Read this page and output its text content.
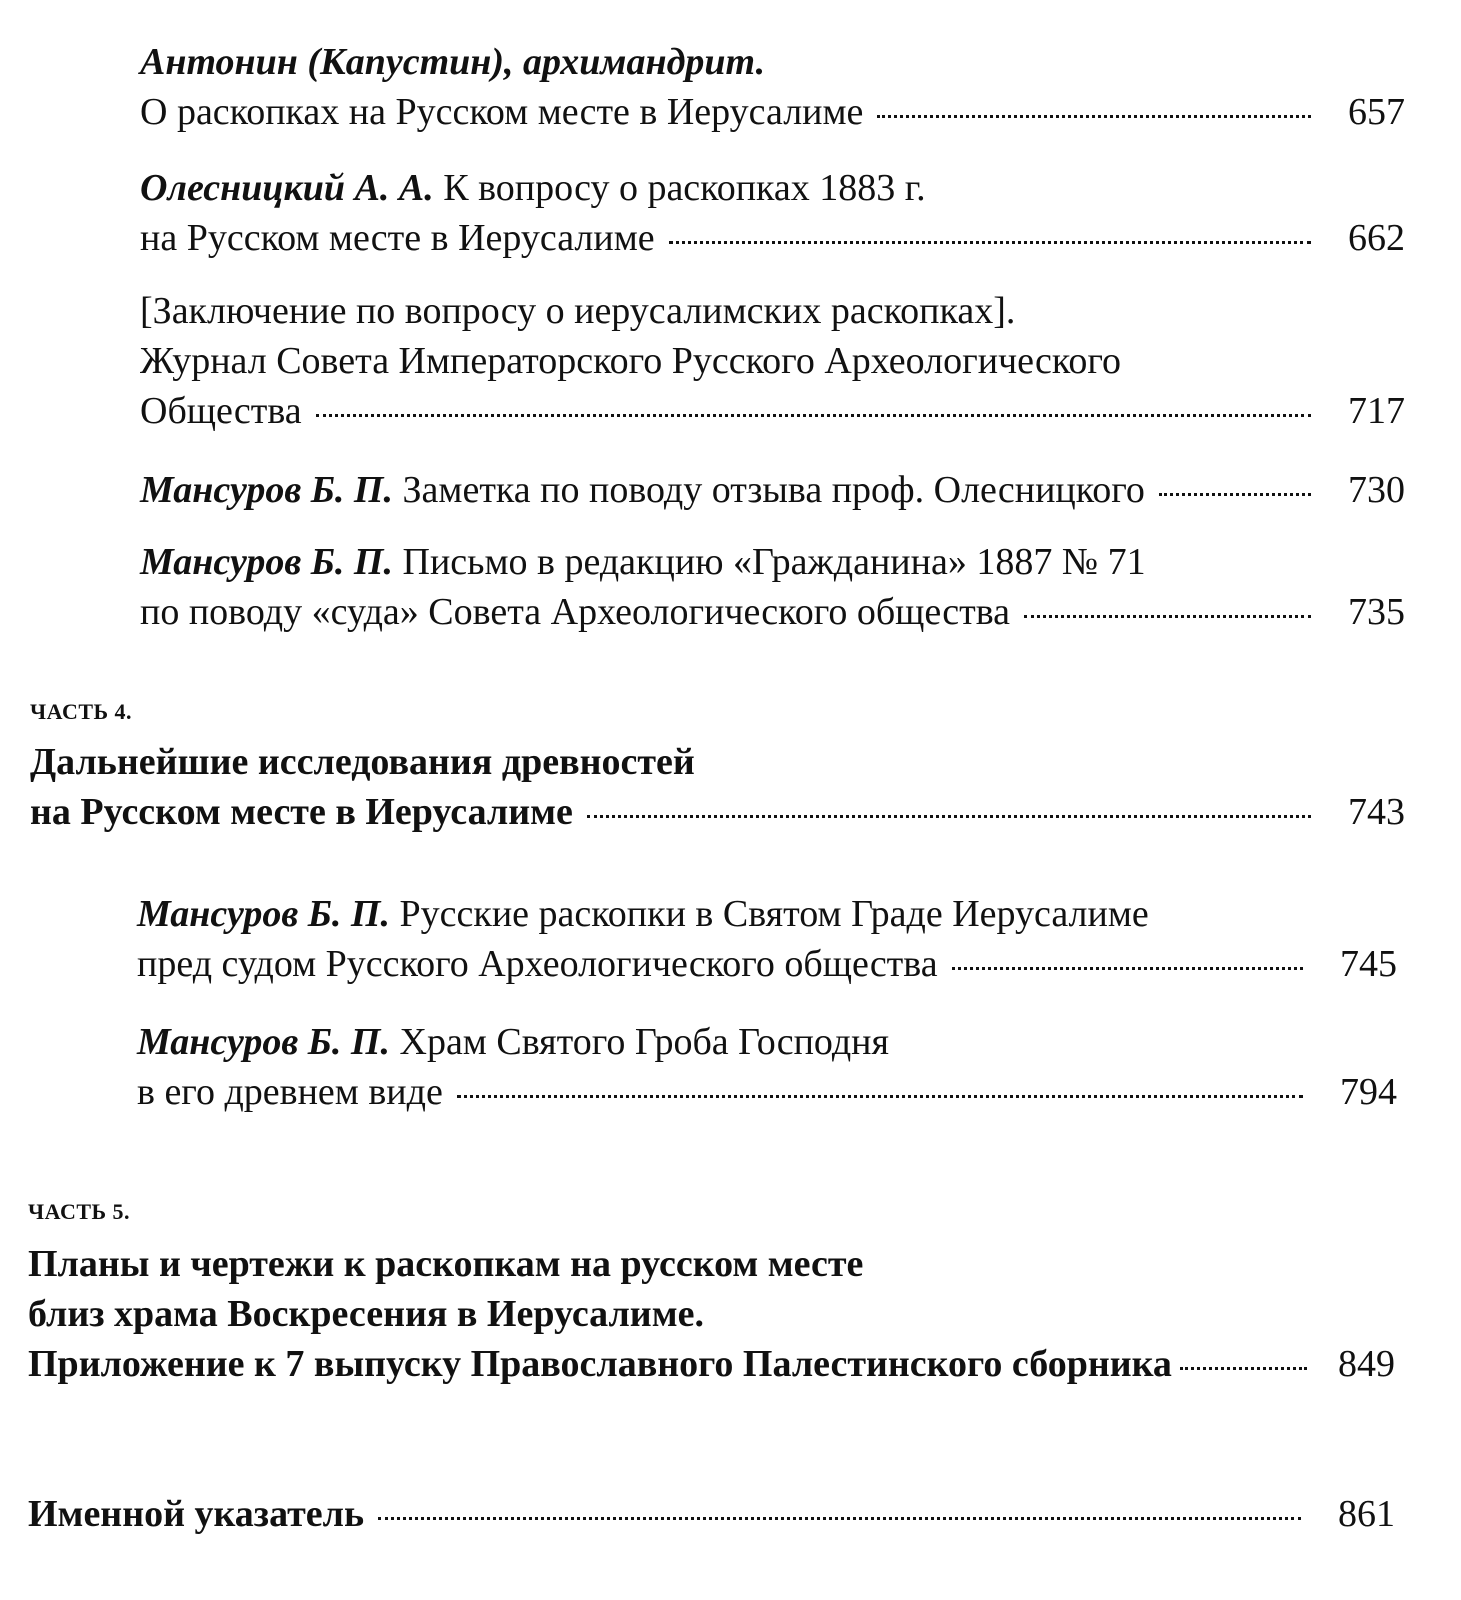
Антонин (Капустин), архимандрит.
О раскопках на Русском месте в Иерусалиме	657
Олесницкий А. А. К вопросу о раскопках 1883 г.
на Русском месте в Иерусалиме	662
[Заключение по вопросу о иерусалимских раскопках].
Журнал Совета Императорского Русского Археологического
Общества	717
Мансуров Б. П. Заметка по поводу отзыва проф. Олесницкого	730
Мансуров Б. П. Письмо в редакцию «Гражданина» 1887 № 71
по поводу «суда» Совета Археологического общества	735
ЧАСТЬ 4.
Дальнейшие исследования древностей
на Русском месте в Иерусалиме	743
Мансуров Б. П. Русские раскопки в Святом Граде Иерусалиме
пред судом Русского Археологического общества	745
Мансуров Б. П. Храм Святого Гроба Господня
в его древнем виде	794
ЧАСТЬ 5.
Планы и чертежи к раскопкам на русском месте
близ храма Воскресения в Иерусалиме.
Приложение к 7 выпуску Православного Палестинского сборника	849
Именной указатель	861
